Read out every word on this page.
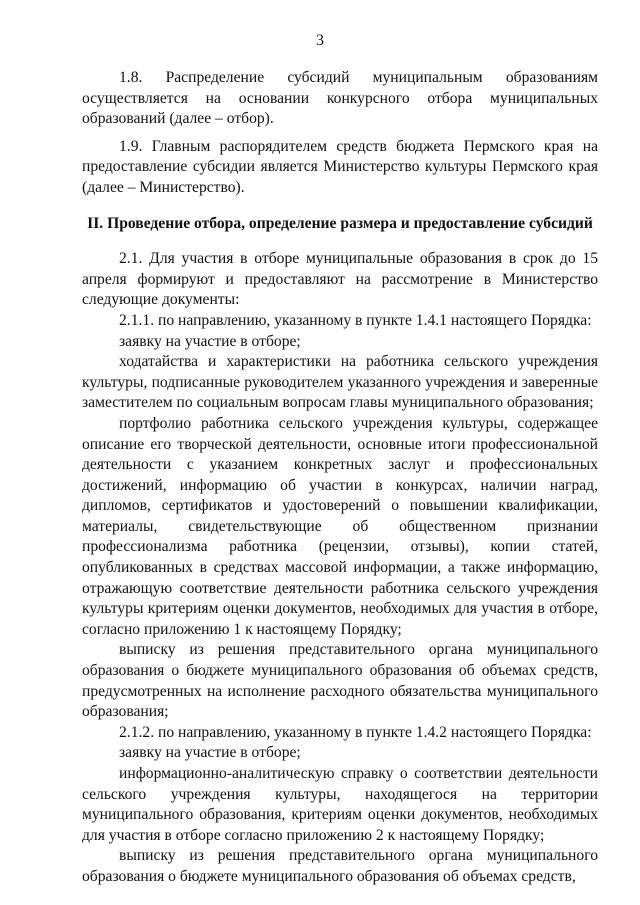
3

1.8. Распределение субсидий муниципальным образованиям осуществляется на основании конкурсного отбора муниципальных образований (далее – отбор).

1.9. Главным распорядителем средств бюджета Пермского края на предоставление субсидии является Министерство культуры Пермского края (далее – Министерство).

II. Проведение отбора, определение размера и предоставление субсидий

2.1. Для участия в отборе муниципальные образования в срок до 15 апреля формируют и предоставляют на рассмотрение в Министерство следующие документы:

2.1.1. по направлению, указанному в пункте 1.4.1 настоящего Порядка:

заявку на участие в отборе;

ходатайства и характеристики на работника сельского учреждения культуры, подписанные руководителем указанного учреждения и заверенные заместителем по социальным вопросам главы муниципального образования;

портфолио работника сельского учреждения культуры, содержащее описание его творческой деятельности, основные итоги профессиональной деятельности с указанием конкретных заслуг и профессиональных достижений, информацию об участии в конкурсах, наличии наград, дипломов, сертификатов и удостоверений о повышении квалификации, материалы, свидетельствующие об общественном признании профессионализма работника (рецензии, отзывы), копии статей, опубликованных в средствах массовой информации, а также информацию, отражающую соответствие деятельности работника сельского учреждения культуры критериям оценки документов, необходимых для участия в отборе, согласно приложению 1 к настоящему Порядку;

выписку из решения представительного органа муниципального образования о бюджете муниципального образования об объемах средств, предусмотренных на исполнение расходного обязательства муниципального образования;

2.1.2. по направлению, указанному в пункте 1.4.2 настоящего Порядка:

заявку на участие в отборе;

информационно-аналитическую справку о соответствии деятельности сельского учреждения культуры, находящегося на территории муниципального образования, критериям оценки документов, необходимых для участия в отборе согласно приложению 2 к настоящему Порядку;

выписку из решения представительного органа муниципального образования о бюджете муниципального образования об объемах средств,
